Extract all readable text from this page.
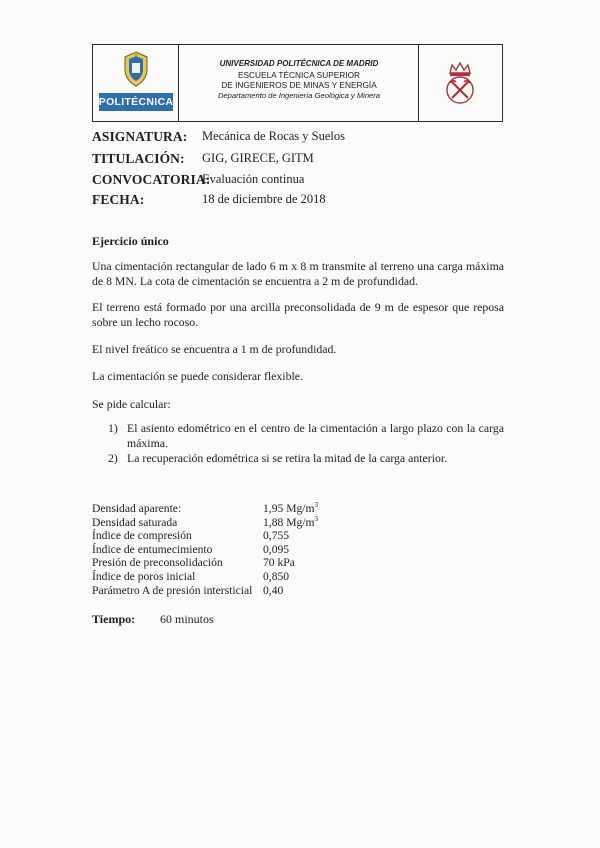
POLITÉCNICA
UNIVERSIDAD POLITÉCNICA DE MADRID
ESCUELA TÉCNICA SUPERIOR
DE INGENIEROS DE MINAS Y ENERGÍA
Departamento de Ingeniería Geológica y Minera
ASIGNATURA: Mecánica de Rocas y Suelos
TITULACIÓN: GIG, GIRECE, GITM
CONVOCATORIA:
Evaluación continua
FECHA:	18 de diciembre de 2018
Ejercicio único
Una cimentación rectangular de lado 6 m x 8 m transmite al terreno una carga máxima de 8 MN. La cota de cimentación se encuentra a 2 m de profundidad.
El terreno está formado por una arcilla preconsolidada de 9 m de espesor que reposa sobre un lecho rocoso.
El nivel freático se encuentra a 1 m de profundidad.
La cimentación se puede considerar flexible.
Se pide calcular:
1) El asiento edométrico en el centro de la cimentación a largo plazo con la carga máxima.
2) La recuperación edométrica si se retira la mitad de la carga anterior.
Densidad aparente:	1,95 $Mg/m^3$
Densidad saturada	1,88 $Mg/m^3$
Índice de compresión	0,755
Índice de entumecimiento	0,095
Presión de preconsolidación	70 kPa
Índice de poros inicial	0,850
Parámetro A de presión intersticial 0,40
Tiempo: 60 minutos
